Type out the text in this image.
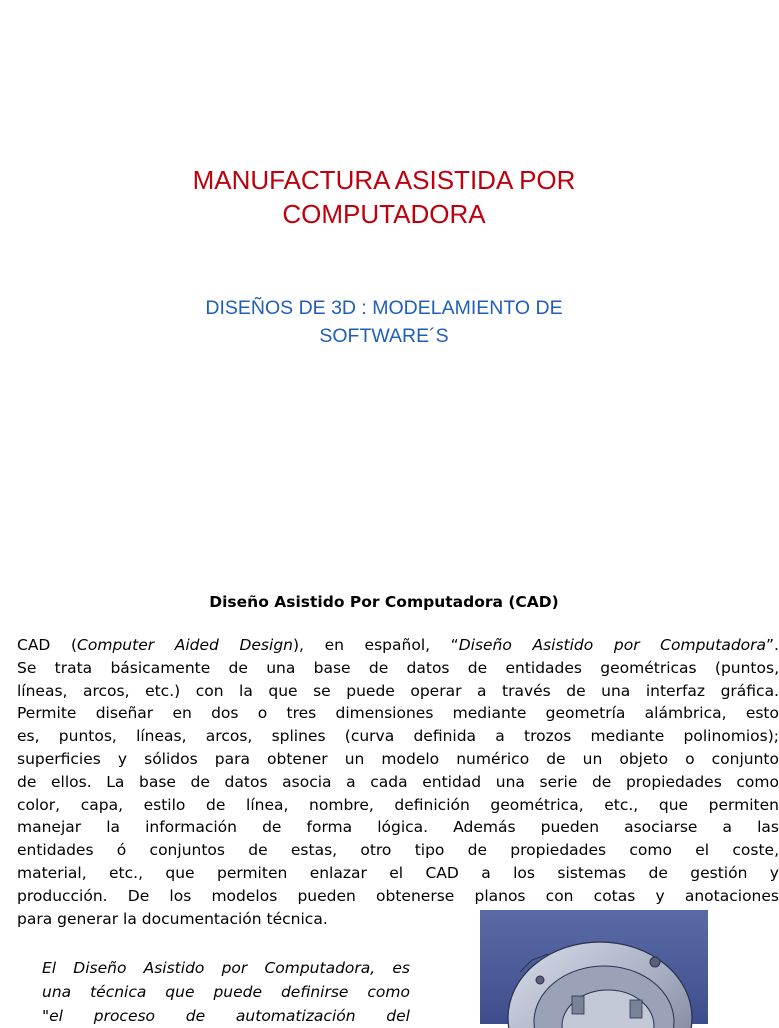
MANUFACTURA ASISTIDA POR
COMPUTADORA
DISEÑOS DE 3D : MODELAMIENTO DE
SOFTWARE´S
Diseño Asistido Por Computadora (CAD)
CAD (Computer Aided Design), en español, “Diseño Asistido por Computadora”.
Se trata básicamente de una base de datos de entidades geométricas (puntos,
líneas, arcos, etc.) con la que se puede operar a través de una interfaz gráfica.
Permite diseñar en dos o tres dimensiones mediante geometría alámbrica, esto
es, puntos, líneas, arcos, splines (curva definida a trozos mediante polinomios);
superficies y sólidos para obtener un modelo numérico de un objeto o conjunto
de ellos. La base de datos asocia a cada entidad una serie de propiedades como
color, capa, estilo de línea, nombre, definición geométrica, etc., que permiten
manejar la información de forma lógica. Además pueden asociarse a las
entidades ó conjuntos de estas, otro tipo de propiedades como el coste,
material, etc., que permiten enlazar el CAD a los sistemas de gestión y
producción. De los modelos pueden obtenerse planos con cotas y anotaciones
para generar la documentación técnica.
El Diseño Asistido por Computadora, es
una técnica que puede definirse como
"el proceso de automatización del
